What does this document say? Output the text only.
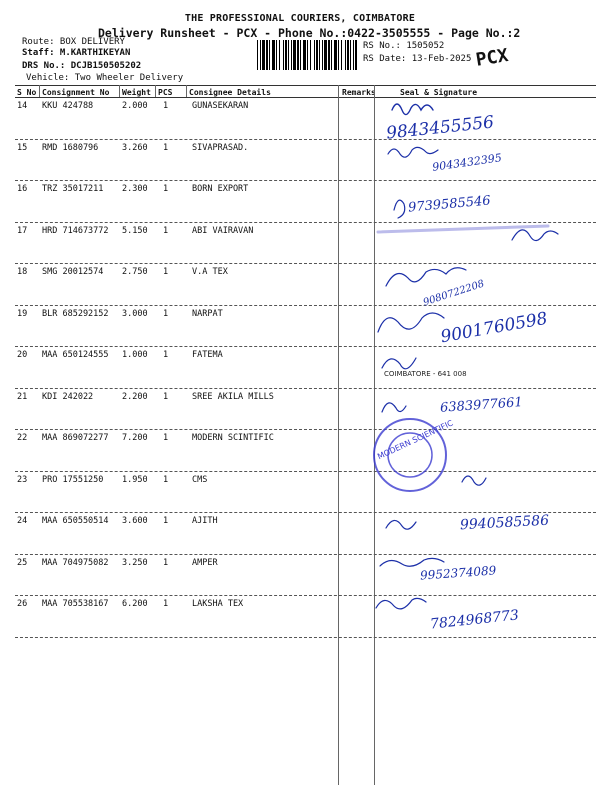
THE PROFESSIONAL COURIERS, COIMBATORE
Delivery Runsheet - PCX - Phone No.:0422-3505555 - Page No.:2
Route: BOX DELIVERY
Staff: M.KARTHIKEYAN
DRS No.: DCJB150505202
Vehicle: Two Wheeler Delivery
RS No.: 1505052
RS Date: 13-Feb-2025 PCX
S No Consignment No Weight PCS Consignee Details	Remarks	Seal & Signature
14 KKU 424788	2.000 1	GUNASEKARAN
15 RMD 1680796	3.260 1	SIVAPRASAD.
16 TRZ 35017211 2.300 1	BORN EXPORT
17 HRD 714673772 5.150 1	ABI VAIRAVAN
18 SMG 20012574 2.750 1	V.A TEX
19 BLR 685292152 3.000 1	NARPAT
20 MAA 650124555 1.000 1	FATEMA
21 KDI 242022	2.200 1	SREE AKILA MILLS
22 MAA 869072277 7.200 1	MODERN SCINTIFIC
23 PRO 17551250 1.950 1	CMS
24 MAA 650550514 3.600 1	AJITH
25 MAA 704975082 3.250 1	AMPER
26 MAA 705538167 6.200 1	LAKSHA TEX
MODERN SCIENTIFIC
COIMBATORE - 641 008
9843455556
9043432395
9739585546
9080722208
9001760598
6383977661
9940585586
9952374089
7824968773
